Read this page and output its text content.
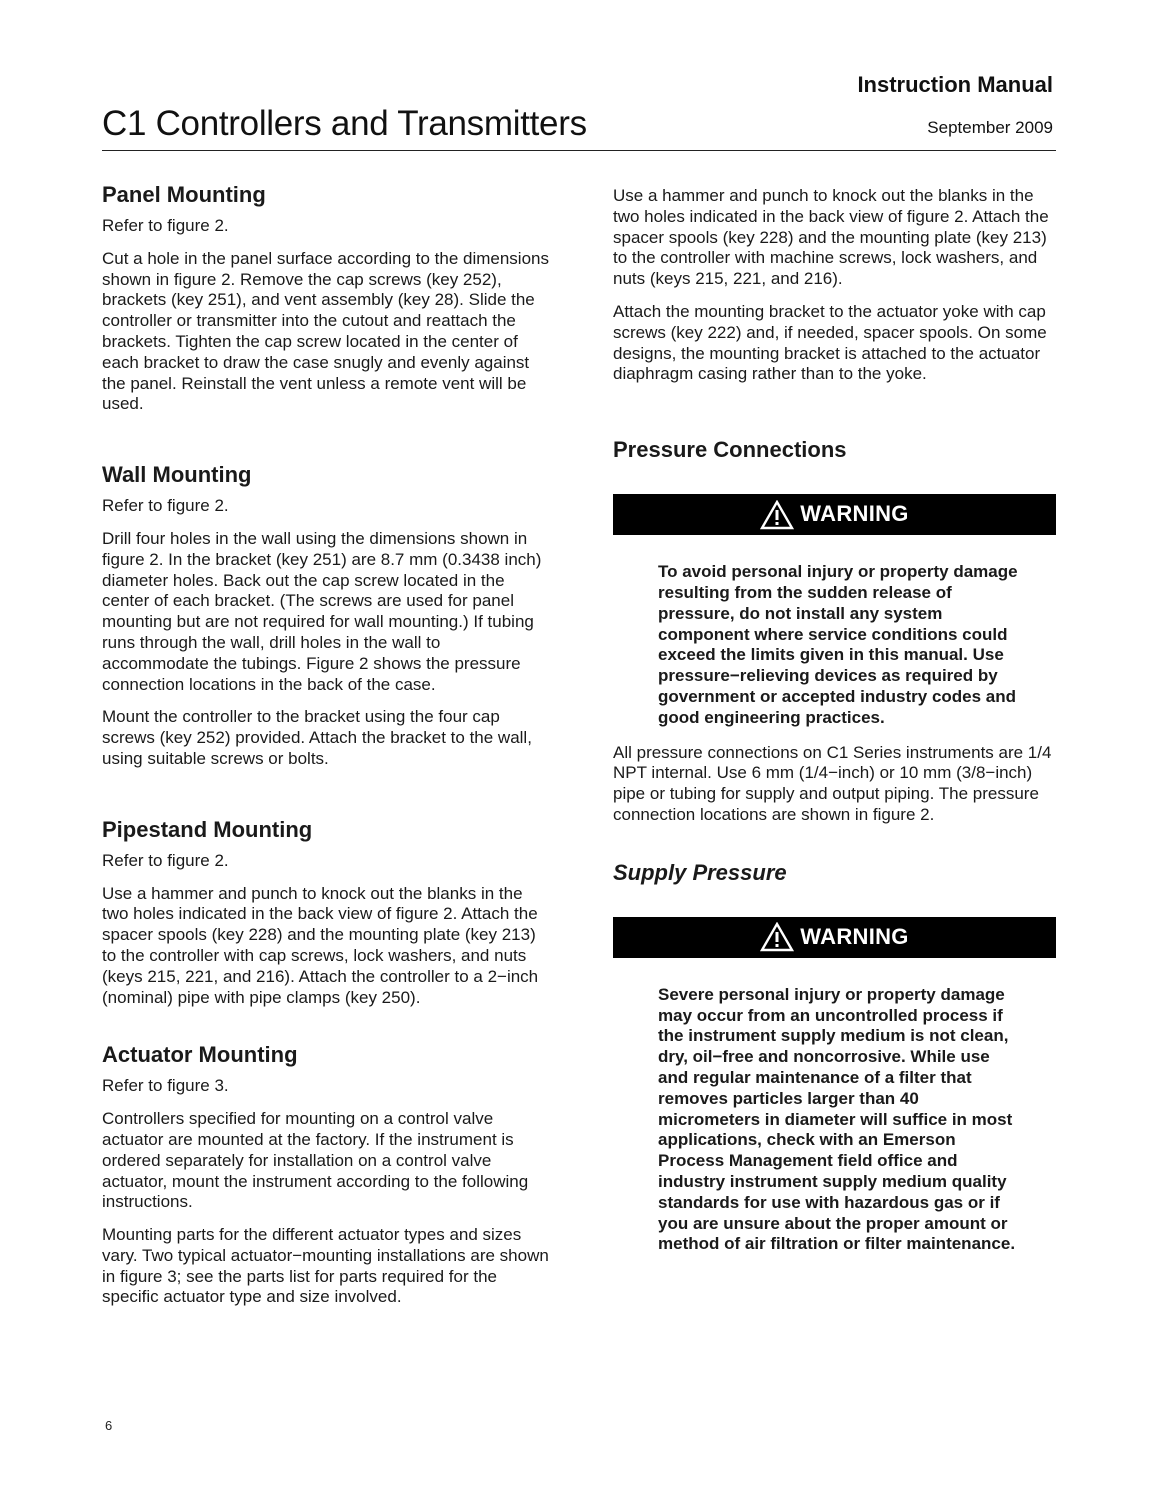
Instruction Manual
C1 Controllers and Transmitters	September 2009
Panel Mounting
Refer to figure 2.
Cut a hole in the panel surface according to the dimensions shown in figure 2. Remove the cap screws (key 252), brackets (key 251), and vent assembly (key 28). Slide the controller or transmitter into the cutout and reattach the brackets. Tighten the cap screw located in the center of each bracket to draw the case snugly and evenly against the panel. Reinstall the vent unless a remote vent will be used.
Wall Mounting
Refer to figure 2.
Drill four holes in the wall using the dimensions shown in figure 2. In the bracket (key 251) are 8.7 mm (0.3438 inch) diameter holes. Back out the cap screw located in the center of each bracket. (The screws are used for panel mounting but are not required for wall mounting.) If tubing runs through the wall, drill holes in the wall to accommodate the tubings. Figure 2 shows the pressure connection locations in the back of the case.
Mount the controller to the bracket using the four cap screws (key 252) provided. Attach the bracket to the wall, using suitable screws or bolts.
Pipestand Mounting
Refer to figure 2.
Use a hammer and punch to knock out the blanks in the two holes indicated in the back view of figure 2. Attach the spacer spools (key 228) and the mounting plate (key 213) to the controller with cap screws, lock washers, and nuts (keys 215, 221, and 216). Attach the controller to a 2−inch (nominal) pipe with pipe clamps (key 250).
Actuator Mounting
Refer to figure 3.
Controllers specified for mounting on a control valve actuator are mounted at the factory. If the instrument is ordered separately for installation on a control valve actuator, mount the instrument according to the following instructions.
Mounting parts for the different actuator types and sizes vary. Two typical actuator−mounting installations are shown in figure 3; see the parts list for parts required for the specific actuator type and size involved.
Use a hammer and punch to knock out the blanks in the two holes indicated in the back view of figure 2. Attach the spacer spools (key 228) and the mounting plate (key 213) to the controller with machine screws, lock washers, and nuts (keys 215, 221, and 216).
Attach the mounting bracket to the actuator yoke with cap screws (key 222) and, if needed, spacer spools. On some designs, the mounting bracket is attached to the actuator diaphragm casing rather than to the yoke.
Pressure Connections
WARNING
To avoid personal injury or property damage resulting from the sudden release of pressure, do not install any system component where service conditions could exceed the limits given in this manual. Use pressure−relieving devices as required by government or accepted industry codes and good engineering practices.
All pressure connections on C1 Series instruments are 1/4 NPT internal. Use 6 mm (1/4−inch) or 10 mm (3/8−inch) pipe or tubing for supply and output piping. The pressure connection locations are shown in figure 2.
Supply Pressure
WARNING
Severe personal injury or property damage may occur from an uncontrolled process if the instrument supply medium is not clean, dry, oil−free and noncorrosive. While use and regular maintenance of a filter that removes particles larger than 40 micrometers in diameter will suffice in most applications, check with an Emerson Process Management field office and industry instrument supply medium quality standards for use with hazardous gas or if you are unsure about the proper amount or method of air filtration or filter maintenance.
6
